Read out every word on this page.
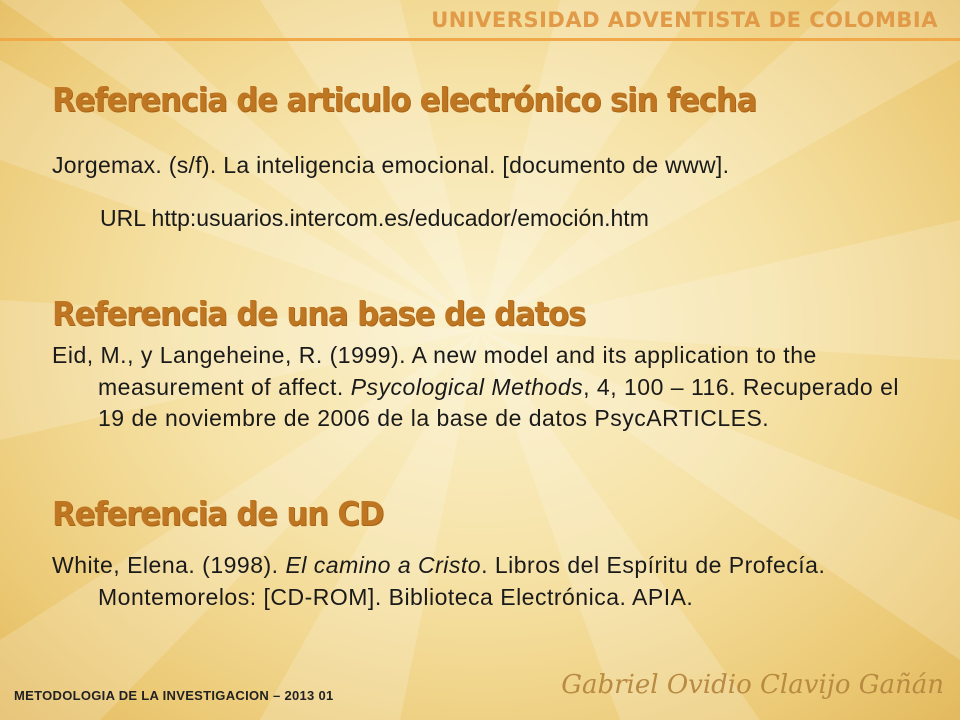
UNIVERSIDAD ADVENTISTA DE COLOMBIA
Referencia de articulo electrónico sin fecha
Jorgemax. (s/f). La inteligencia emocional. [documento de www].
URL http:usuarios.intercom.es/educador/emoción.htm
Referencia de una base de datos
Eid, M., y Langeheine, R. (1999). A new model and its application to the measurement of affect. Psycological Methods, 4, 100 – 116. Recuperado el 19 de noviembre de 2006 de la base de datos PsycARTICLES.
Referencia de un CD
White, Elena. (1998). El camino a Cristo. Libros del Espíritu de Profecía. Montemorelos: [CD-ROM]. Biblioteca Electrónica. APIA.
METODOLOGIA DE LA INVESTIGACION – 2013 01	Gabriel Ovidio Clavijo Gañán
